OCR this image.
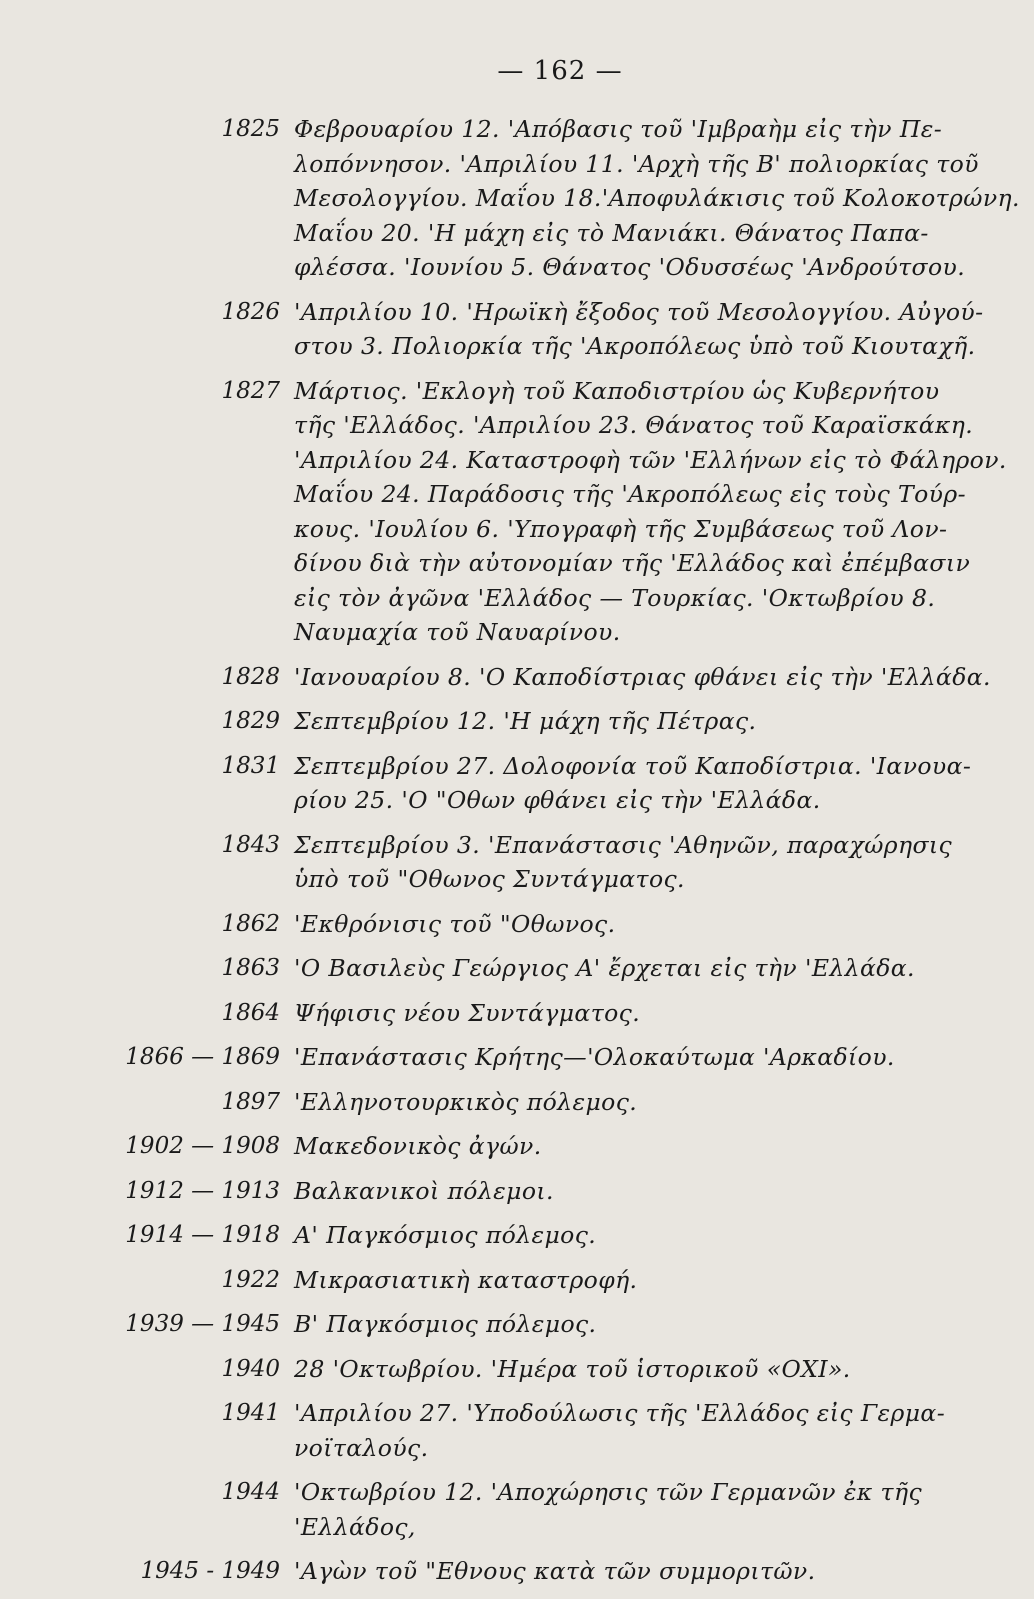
— 162 —
1825 Φεβρουαρίου 12. 'Απόβασις τοῦ 'Ιμβραὴμ εἰς τὴν Πε-
λοπόννησον. 'Απριλίου 11. 'Αρχὴ τῆς Β' πολιορκίας τοῦ
Μεσολογγίου. Μαΐου 18.'Αποφυλάκισις τοῦ Κολοκοτρώνη.
Μαΐου 20. 'Η μάχη εἰς τὸ Μανιάκι. Θάνατος Παπα-
φλέσσα. 'Ιουνίου 5. Θάνατος 'Οδυσσέως 'Ανδρούτσου.
1826 'Απριλίου 10. 'Ηρωϊκὴ ἔξοδος τοῦ Μεσολογγίου. Αὐγού-
στου 3. Πολιορκία τῆς 'Ακροπόλεως ὑπὸ τοῦ Κιουταχῆ.
1827 Μάρτιος. 'Εκλογὴ τοῦ Καποδιστρίου ὡς Κυβερνήτου
τῆς 'Ελλάδος. 'Απριλίου 23. Θάνατος τοῦ Καραϊσκάκη.
'Απριλίου 24. Καταστροφὴ τῶν 'Ελλήνων εἰς τὸ Φάληρον.
Μαΐου 24. Παράδοσις τῆς 'Ακροπόλεως εἰς τοὺς Τούρ-
κους. 'Ιουλίου 6. 'Υπογραφὴ τῆς Συμβάσεως τοῦ Λον-
δίνου διὰ τὴν αὐτονομίαν τῆς 'Ελλάδος καὶ ἐπέμβασιν
εἰς τὸν ἀγῶνα 'Ελλάδος — Τουρκίας. 'Οκτωβρίου 8.
Ναυμαχία τοῦ Ναυαρίνου.
1828 'Ιανουαρίου 8. 'Ο Καποδίστριας φθάνει εἰς τὴν 'Ελλάδα.
1829 Σεπτεμβρίου 12. 'Η μάχη τῆς Πέτρας.
1831 Σεπτεμβρίου 27. Δολοφονία τοῦ Καποδίστρια. 'Ιανουα-
ρίου 25. 'Ο "Οθων φθάνει εἰς τὴν 'Ελλάδα.
1843 Σεπτεμβρίου 3. 'Επανάστασις 'Αθηνῶν, παραχώρησις
ὑπὸ τοῦ "Οθωνος Συντάγματος.
1862 'Εκθρόνισις τοῦ "Οθωνος.
1863 'Ο Βασιλεὺς Γεώργιος Α' ἔρχεται εἰς τὴν 'Ελλάδα.
1864 Ψήφισις νέου Συντάγματος.
1866 — 1869 'Επανάστασις Κρήτης—'Ολοκαύτωμα 'Αρκαδίου.
1897 'Ελληνοτουρκικὸς πόλεμος.
1902 — 1908 Μακεδονικὸς ἀγών.
1912 — 1913 Βαλκανικοὶ πόλεμοι.
1914 — 1918 Α' Παγκόσμιος πόλεμος.
1922 Μικρασιατικὴ καταστροφή.
1939 — 1945 Β' Παγκόσμιος πόλεμος.
1940 28 'Οκτωβρίου. 'Ημέρα τοῦ ἱστορικοῦ «ΟΧΙ».
1941 'Απριλίου 27. 'Υποδούλωσις τῆς 'Ελλάδος εἰς Γερμα-
νοϊταλούς.
1944 'Οκτωβρίου 12. 'Αποχώρησις τῶν Γερμανῶν ἐκ τῆς
'Ελλάδος,
1945 - 1949 'Αγὼν τοῦ "Εθνους κατὰ τῶν συμμοριτῶν.
